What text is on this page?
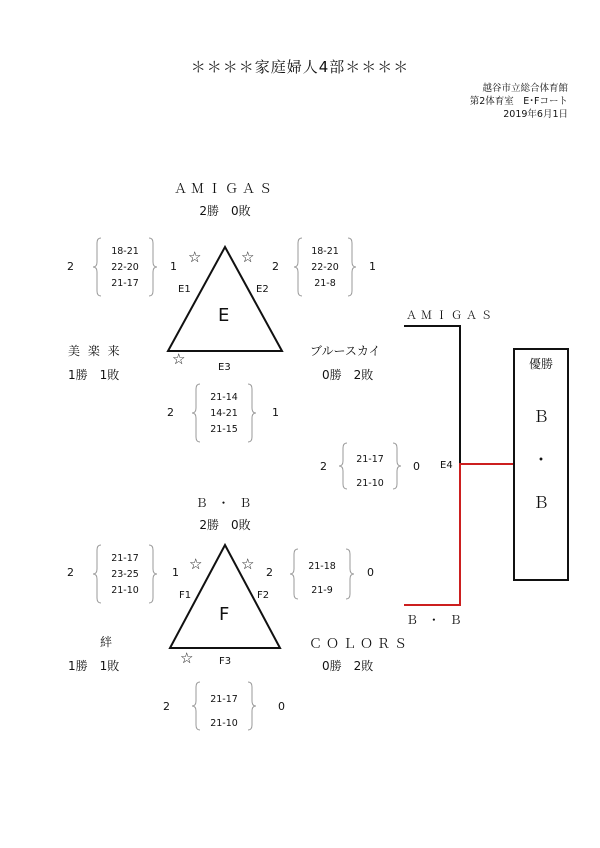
＊＊＊＊家庭婦人4部＊＊＊＊
越谷市立総合体育館
第2体育室　E･Fコート
2019年6月1日
ＡＭＩＧＡＳ
2勝　0敗
2
18-21
22-20
21-17
1
☆
E1
☆
2
18-21
22-20
21-8
1
E2
E
美 楽 来
1勝　1敗
☆	E3
ブルースカイ
0勝　2敗
2
21-14
14-21
21-15
1
2
21-17
21-10
0 E4
ＡＭＩＧＡＳ
Ｂ ・ Ｂ
優勝
Ｂ
・
Ｂ
Ｂ ・ Ｂ
2勝　0敗
2
21-17
23-25
21-10
1 ☆
F1
☆ 2	21-18
21-9
0
F2
F
絆
1勝　1敗	☆	F3
ＣＯＬＯＲＳ
0勝　2敗
2
21-17
21-10
0
